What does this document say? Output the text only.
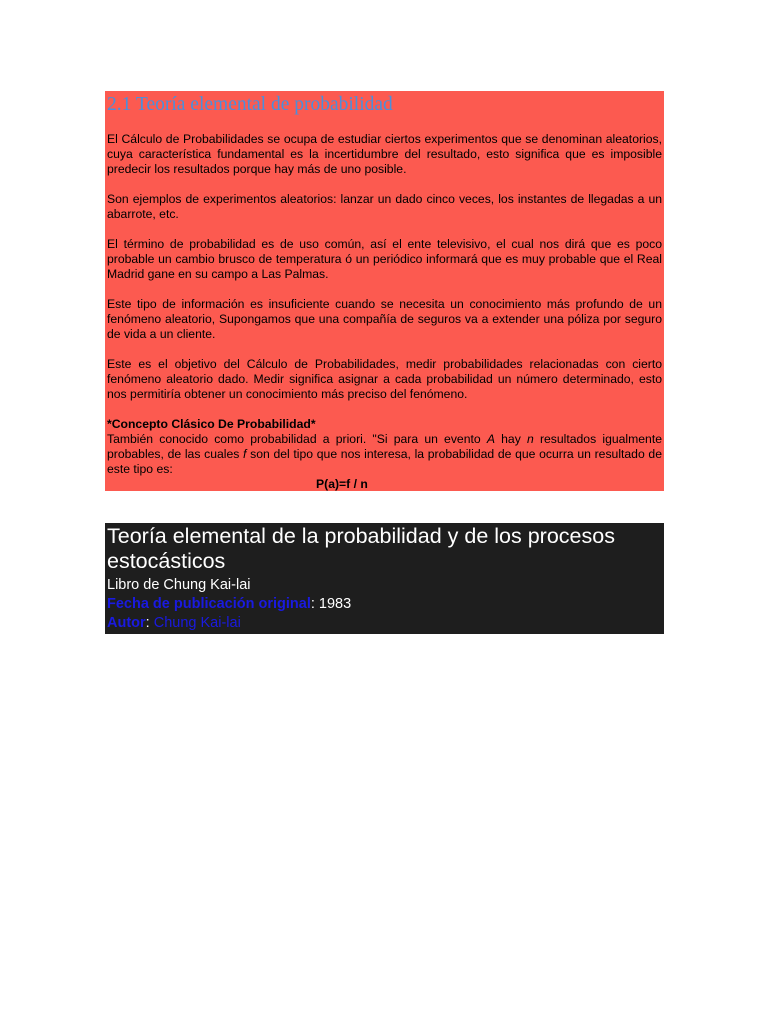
2.1 Teoría elemental de probabilidad

El Cálculo de Probabilidades se ocupa de estudiar ciertos experimentos que se denominan aleatorios, cuya característica fundamental es la incertidumbre del resultado, esto significa que es imposible predecir los resultados porque hay más de uno posible.

Son ejemplos de experimentos aleatorios: lanzar un dado cinco veces, los instantes de llegadas a un abarrote, etc.

El término de probabilidad es de uso común, así el ente televisivo, el cual nos dirá que es poco probable un cambio brusco de temperatura ó un periódico informará que es muy probable que el Real Madrid gane en su campo a Las Palmas.

Este tipo de información es insuficiente cuando se necesita un conocimiento más profundo de un fenómeno aleatorio, Supongamos que una compañía de seguros va a extender una póliza por seguro de vida a un cliente.

Este es el objetivo del Cálculo de Probabilidades, medir probabilidades relacionadas con cierto fenómeno aleatorio dado. Medir significa asignar a cada probabilidad un número determinado, esto nos permitiría obtener un conocimiento más preciso del fenómeno.

*Concepto Clásico De Probabilidad*
También conocido como probabilidad a priori. "Si para un evento A hay n resultados igualmente probables, de las cuales f son del tipo que nos interesa, la probabilidad de que ocurra un resultado de este tipo es:

P(a)=f / n

Teoría elemental de la probabilidad y de los procesos estocásticos

Libro de Chung Kai-lai

Fecha de publicación original: 1983

Autor: Chung Kai-lai
